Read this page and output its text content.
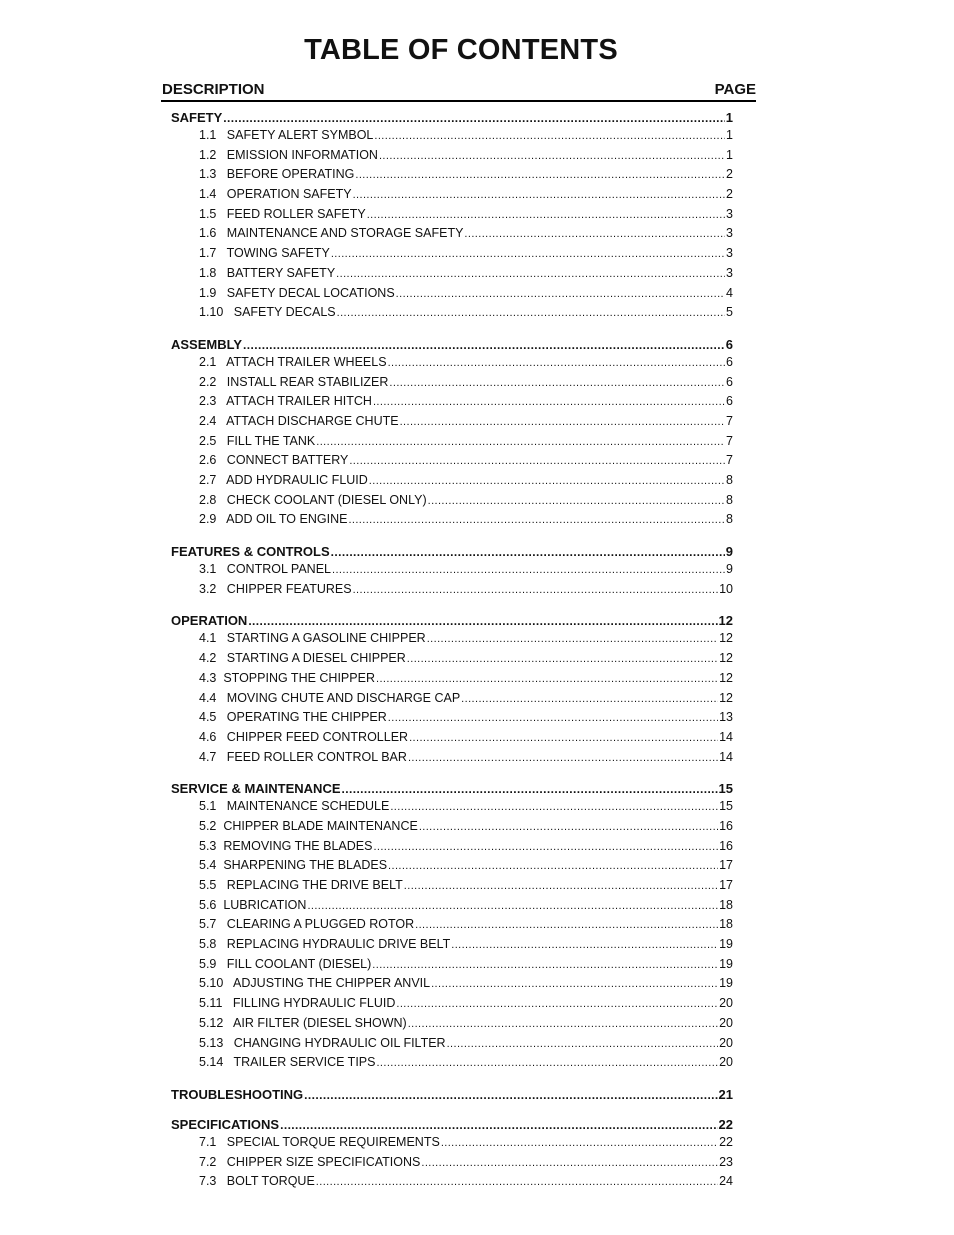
TABLE OF CONTENTS
DESCRIPTION	PAGE
SAFETY .....	1
1.1   SAFETY ALERT SYMBOL .....	1
1.2   EMISSION INFORMATION .....	1
1.3   BEFORE OPERATING .....	2
1.4   OPERATION SAFETY .....	2
1.5   FEED ROLLER SAFETY .....	3
1.6   MAINTENANCE AND STORAGE SAFETY .....	3
1.7   TOWING SAFETY .....	3
1.8   BATTERY SAFETY .....	3
1.9   SAFETY DECAL LOCATIONS .....	4
1.10   SAFETY DECALS .....	5
ASSEMBLY .....	6
2.1   ATTACH TRAILER WHEELS .....	6
2.2   INSTALL REAR STABILIZER .....	6
2.3   ATTACH TRAILER HITCH .....	6
2.4   ATTACH DISCHARGE CHUTE .....	7
2.5   FILL THE TANK .....	7
2.6   CONNECT BATTERY .....	7
2.7   ADD HYDRAULIC FLUID .....	8
2.8   CHECK COOLANT (DIESEL ONLY) .....	8
2.9   ADD OIL TO ENGINE .....	8
FEATURES & CONTROLS .....	9
3.1   CONTROL PANEL .....	9
3.2   CHIPPER FEATURES .....	10
OPERATION .....	12
4.1   STARTING A GASOLINE CHIPPER .....	12
4.2   STARTING A DIESEL CHIPPER .....	12
4.3  STOPPING THE CHIPPER .....	12
4.4   MOVING CHUTE AND DISCHARGE CAP .....	12
4.5   OPERATING THE CHIPPER .....	13
4.6   CHIPPER FEED CONTROLLER .....	14
4.7   FEED ROLLER CONTROL BAR .....	14
SERVICE & MAINTENANCE .....	15
5.1   MAINTENANCE SCHEDULE .....	15
5.2  CHIPPER BLADE MAINTENANCE .....	16
5.3  REMOVING THE BLADES .....	16
5.4  SHARPENING THE BLADES .....	17
5.5   REPLACING THE DRIVE BELT .....	17
5.6  LUBRICATION .....	18
5.7   CLEARING A PLUGGED ROTOR .....	18
5.8   REPLACING HYDRAULIC DRIVE BELT .....	19
5.9   FILL COOLANT (DIESEL) .....	19
5.10   ADJUSTING THE CHIPPER ANVIL .....	19
5.11   FILLING HYDRAULIC FLUID .....	20
5.12   AIR FILTER (DIESEL SHOWN) .....	20
5.13   CHANGING HYDRAULIC OIL FILTER .....	20
5.14   TRAILER SERVICE TIPS .....	20
TROUBLESHOOTING .....	21
SPECIFICATIONS .....	22
7.1   SPECIAL TORQUE REQUIREMENTS .....	22
7.2   CHIPPER SIZE SPECIFICATIONS .....	23
7.3   BOLT TORQUE .....	24
